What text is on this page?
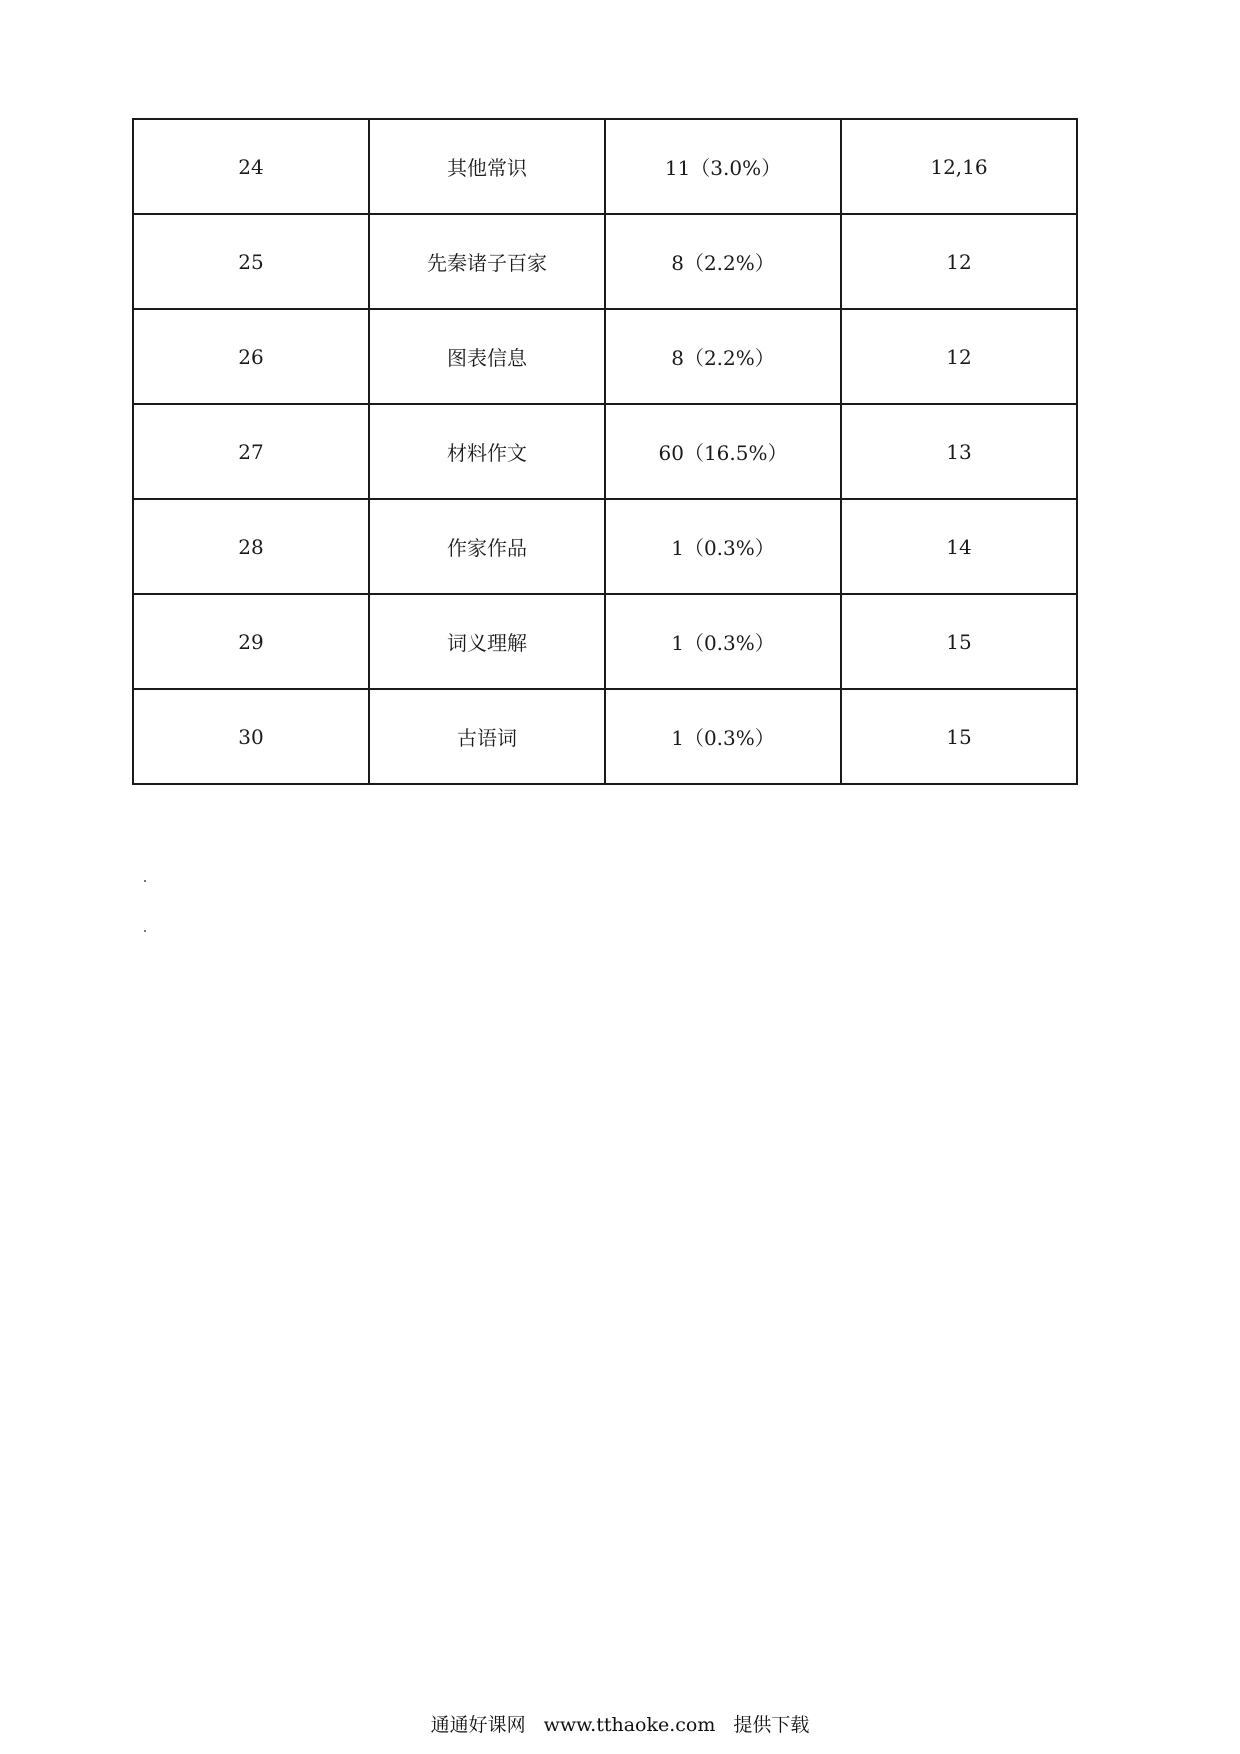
24	其他常识	11（3.0%）	12,16
25	先秦诸子百家	8（2.2%）	12
26	图表信息	8（2.2%）	12
27	材料作文	60（16.5%）	13
28	作家作品	1（0.3%）	14
29	词义理解	1（0.3%）	15
30	古语词	1（0.3%）	15
通通好课网 www.tthaoke.com 提供下载
